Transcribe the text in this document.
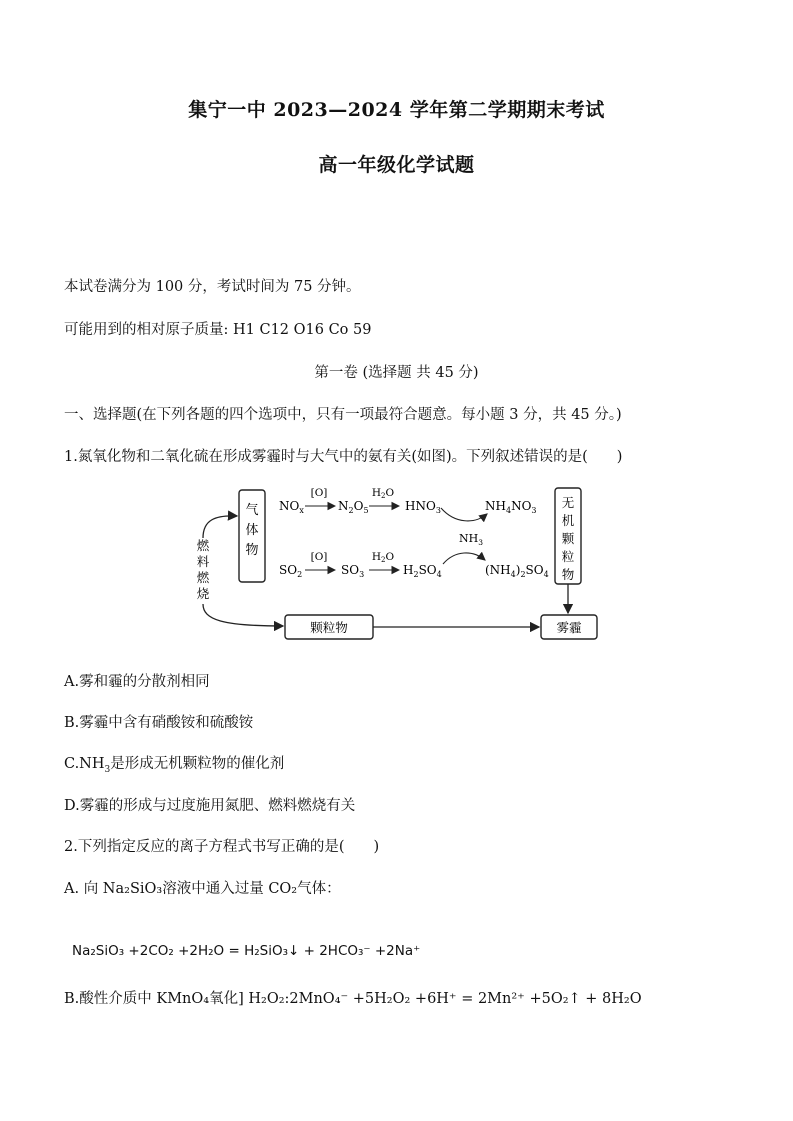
集宁一中 2023—2024 学年第二学期期末考试
高一年级化学试题
本试卷满分为 100 分，考试时间为 75 分钟。
可能用到的相对原子质量: H1 C12 O16 Co 59
第一卷 (选择题 共 45 分)
一、选择题(在下列各题的四个选项中，只有一项最符合题意。每小题 3 分，共 45 分。)
1.氮氧化物和二氧化硫在形成雾霾时与大气中的氨有关(如图)。下列叙述错误的是(　　)
气
体
物
无
机
颗
粒
物
燃
料
燃
烧
颗粒物	雾霾
$NO_x$
[O]
$N_2O_5$
H2O
$HNO_3$	$NH_4NO_3$
$NH_3$
$SO_2$
[O]
$SO_3$
H2O
$H_2SO_4$	$(NH_4)_2SO_4$
A.雾和霾的分散剂相同
B.雾霾中含有硝酸铵和硫酸铵
$C.NH_3$是形成无机颗粒物的催化剂
D.雾霾的形成与过度施用氮肥、燃料燃烧有关
2.下列指定反应的离子方程式书写正确的是(　　)
A. 向 Na₂SiO₃溶液中通入过量 CO₂气体：
Na₂SiO₃ +2CO₂ +2H₂O = H₂SiO₃↓ + 2HCO₃⁻ +2Na⁺
B.酸性介质中 KMnO₄氧化] H₂O₂:2MnO₄⁻ +5H₂O₂ +6H⁺ = 2Mn²⁺ +5O₂↑ + 8H₂O
